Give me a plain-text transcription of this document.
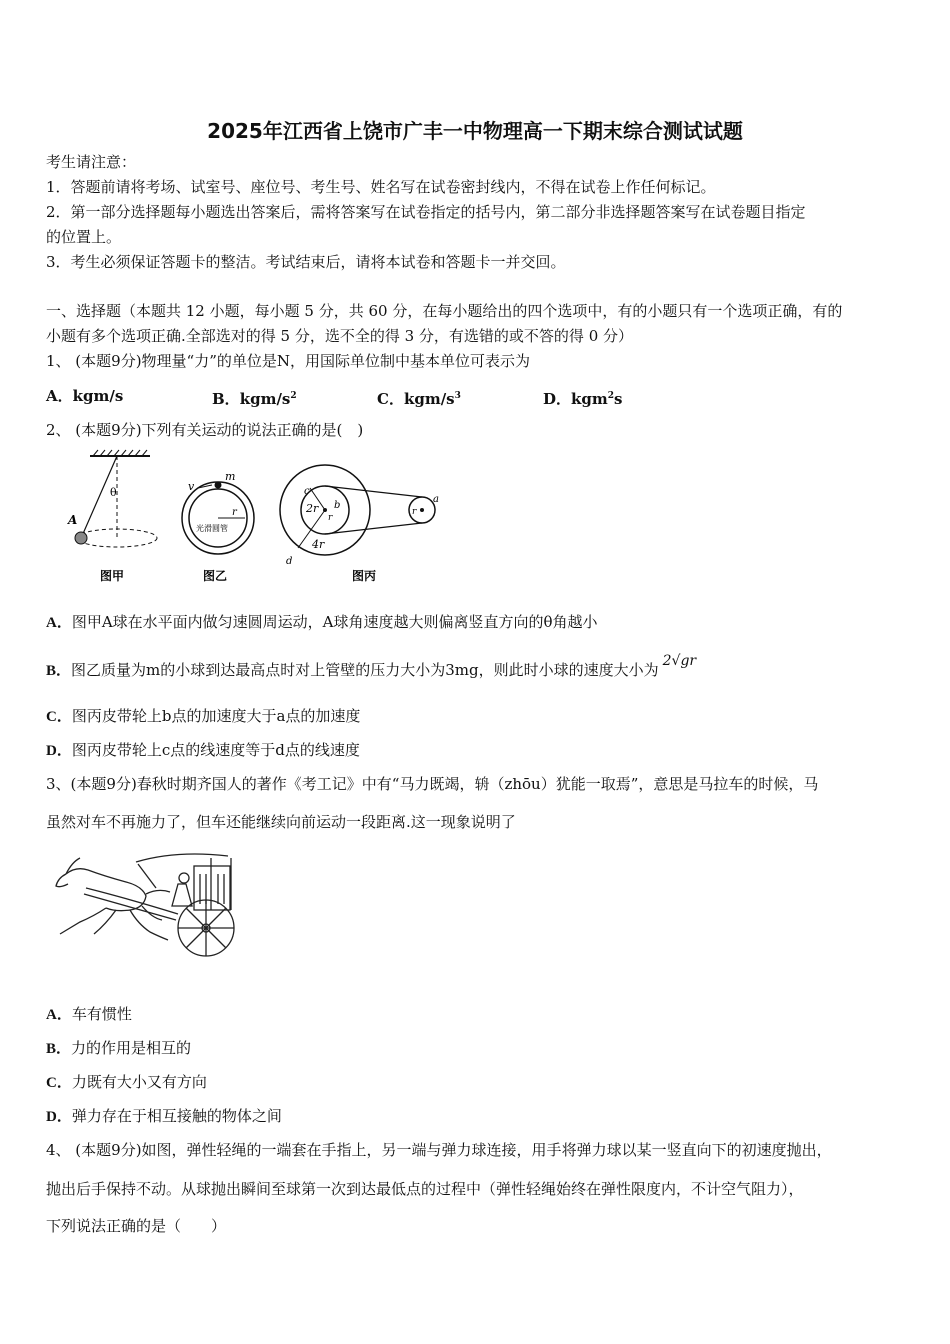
2025年江西省上饶市广丰一中物理高一下期末综合测试试题
考生请注意：
1．答题前请将考场、试室号、座位号、考生号、姓名写在试卷密封线内，不得在试卷上作任何标记。
2．第一部分选择题每小题选出答案后，需将答案写在试卷指定的括号内，第二部分非选择题答案写在试卷题目指定
的位置上。
3．考生必须保证答题卡的整洁。考试结束后，请将本试卷和答题卡一并交回。
一、选择题（本题共 12 小题，每小题 5 分，共 60 分，在每小题给出的四个选项中，有的小题只有一个选项正确，有的
小题有多个选项正确.全部选对的得 5 分，选不全的得 3 分，有选错的或不答的得 0 分）
1、 (本题9分)物理量“力”的单位是N，用国际单位制中基本单位可表示为
A．kgm/s	B．kgm/$s^2$	C．kgm/$s^3$	D．kgm$^2$s
2、 (本题9分)下列有关运动的说法正确的是(　)
θ
A
图甲
v
m
r
光滑圆管
图乙
c
2r b
r
4r
d
a
r
图丙
A．图甲A球在水平面内做匀速圆周运动，A球角速度越大则偏离竖直方向的θ角越小
B．图乙质量为m的小球到达最高点时对上管壁的压力大小为3mg，则此时小球的速度大小为 2√gr
C．图丙皮带轮上b点的加速度大于a点的加速度
D．图丙皮带轮上c点的线速度等于d点的线速度
3、(本题9分)春秋时期齐国人的著作《考工记》中有“马力既竭，辀（zhōu）犹能一取焉”，意思是马拉车的时候，马
虽然对车不再施力了，但车还能继续向前运动一段距离.这一现象说明了
A．车有惯性
B．力的作用是相互的
C．力既有大小又有方向
D．弹力存在于相互接触的物体之间
4、 (本题9分)如图，弹性轻绳的一端套在手指上，另一端与弹力球连接，用手将弹力球以某一竖直向下的初速度抛出，
抛出后手保持不动。从球抛出瞬间至球第一次到达最低点的过程中（弹性轻绳始终在弹性限度内，不计空气阻力），
下列说法正确的是（　　）
